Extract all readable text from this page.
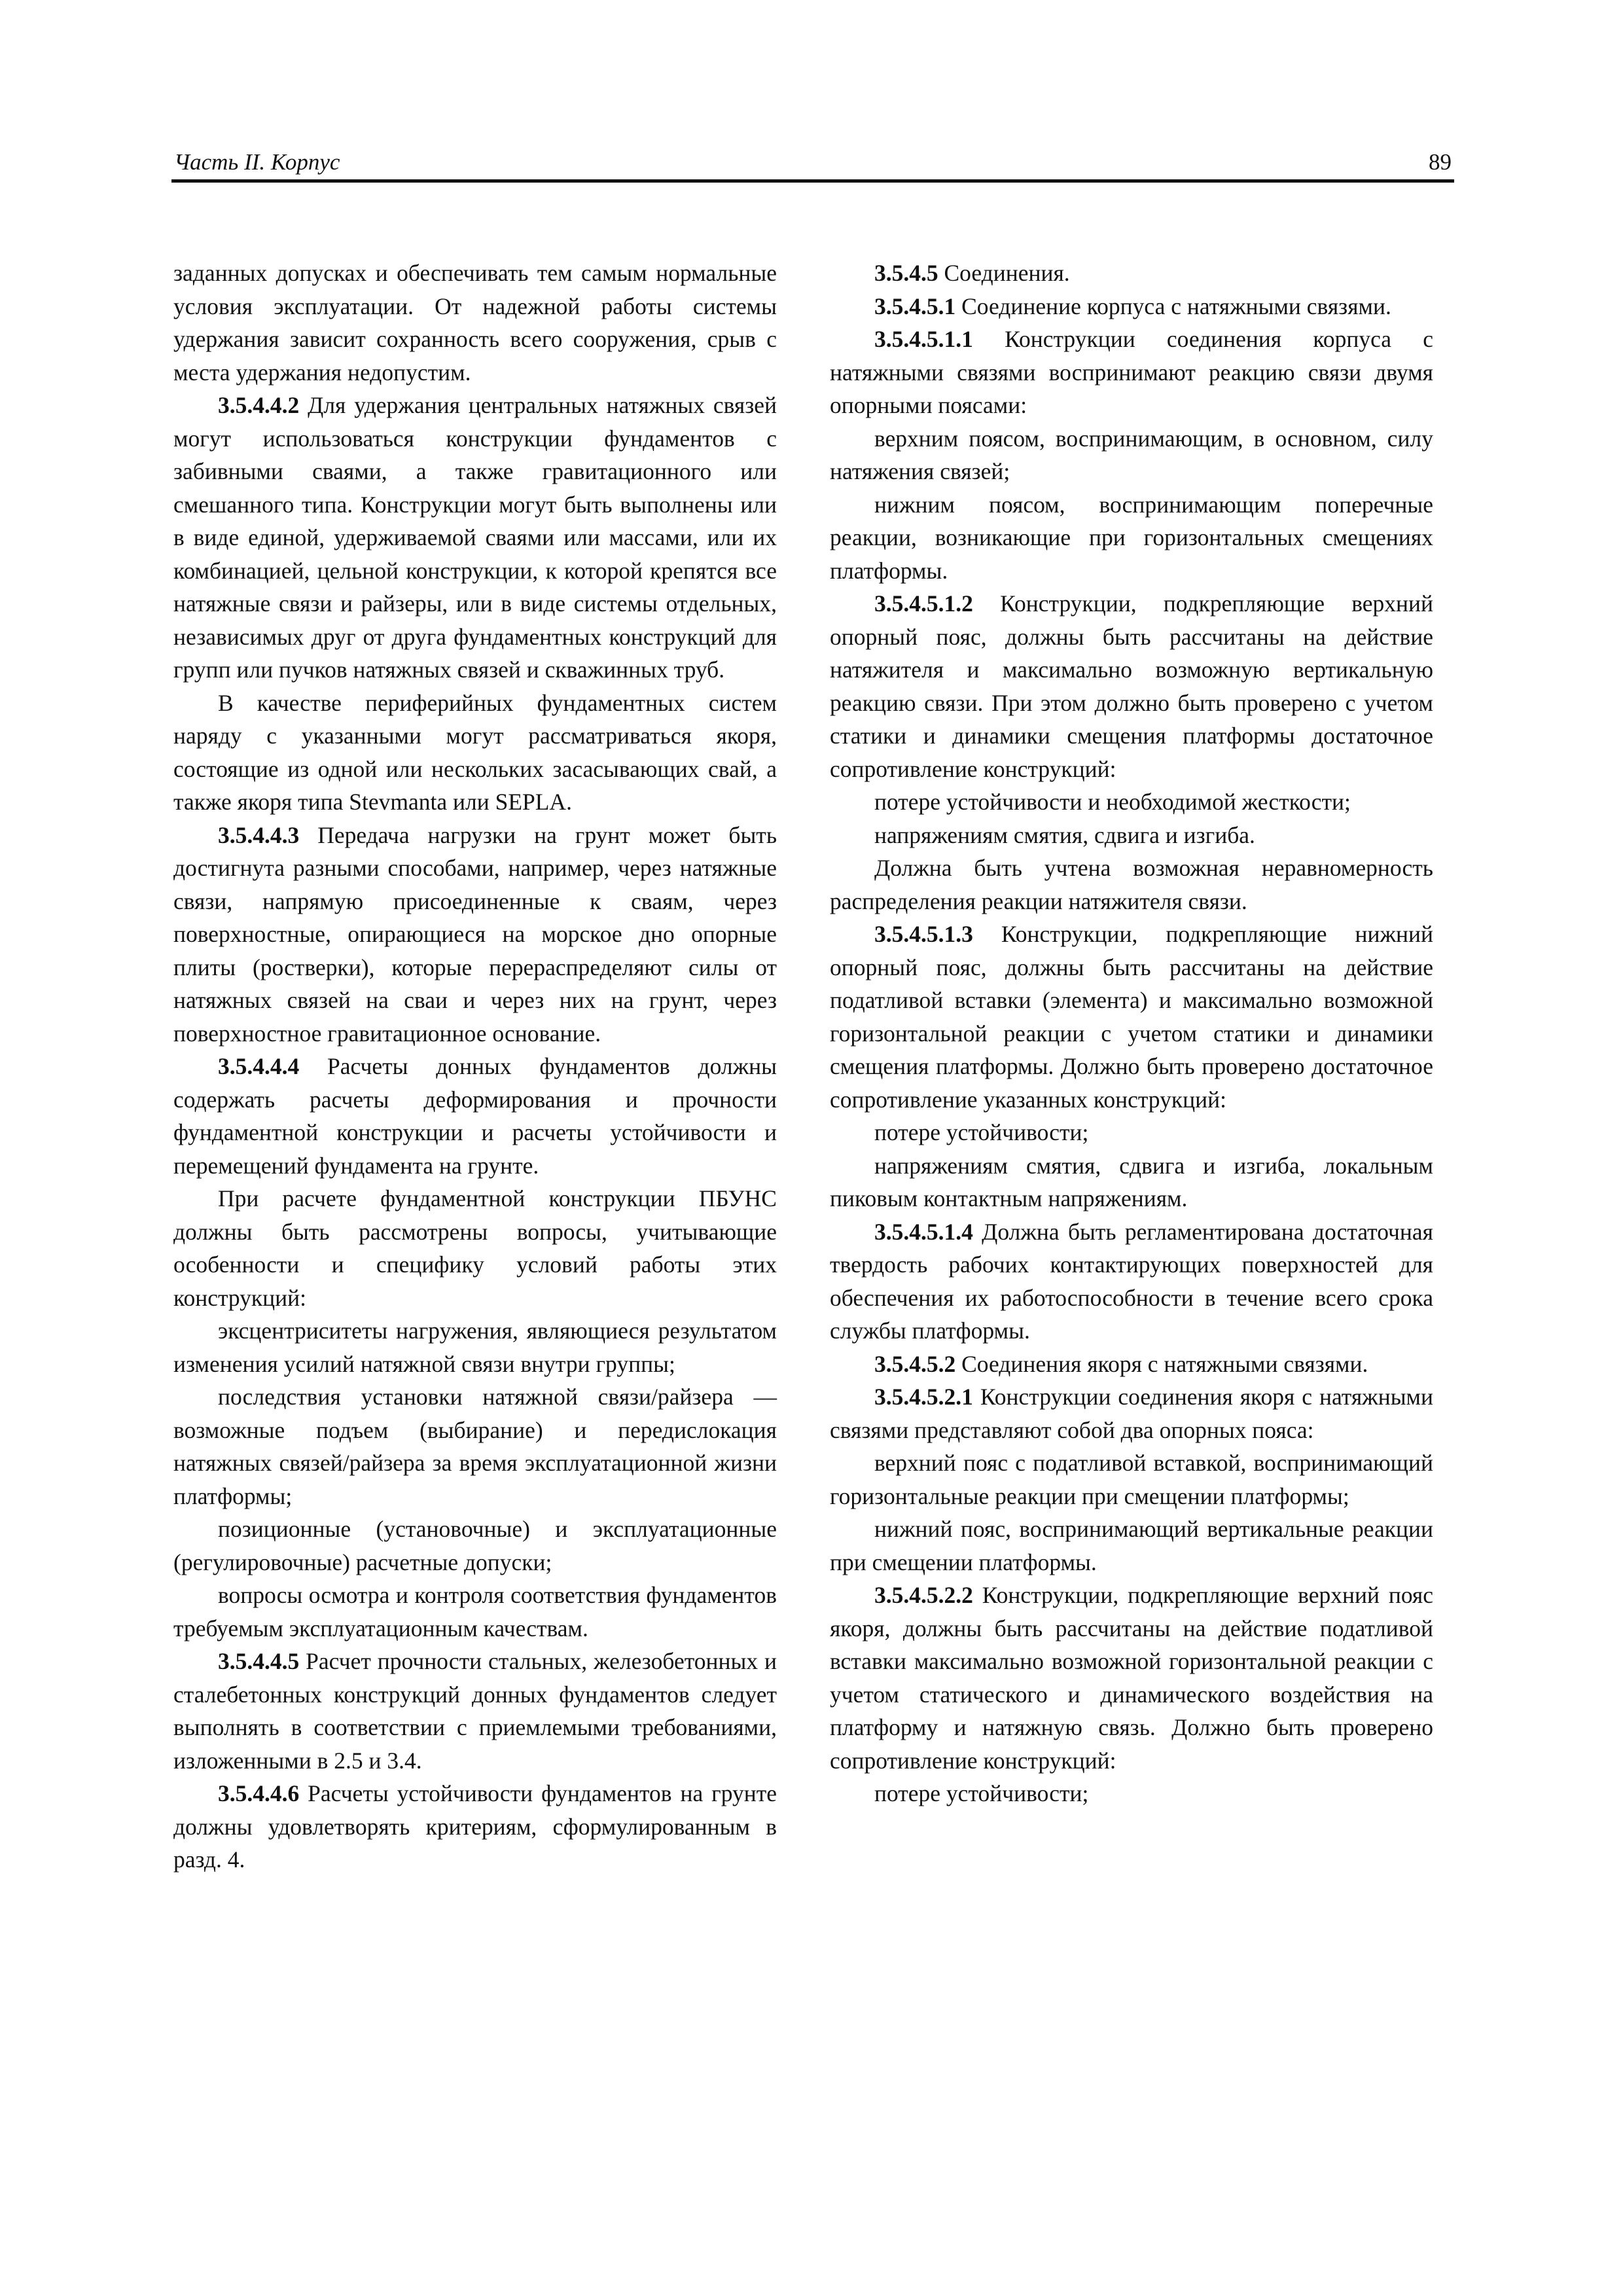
Часть II. Корпус	89

заданных допусках и обеспечивать тем самым нормальные условия эксплуатации. От надежной работы системы удержания зависит сохранность всего сооружения, срыв с места удержания недопустим.

3.5.4.4.2 Для удержания центральных натяжных связей могут использоваться конструкции фундаментов с забивными сваями, а также гравитационного или смешанного типа. Конструкции могут быть выполнены или в виде единой, удерживаемой сваями или массами, или их комбинацией, цельной конструкции, к которой крепятся все натяжные связи и райзеры, или в виде системы отдельных, независимых друг от друга фундаментных конструкций для групп или пучков натяжных связей и скважинных труб.

В качестве периферийных фундаментных систем наряду с указанными могут рассматриваться якоря, состоящие из одной или нескольких засасывающих свай, а также якоря типа Stevmanta или SEPLA.

3.5.4.4.3 Передача нагрузки на грунт может быть достигнута разными способами, например, через натяжные связи, напрямую присоединенные к сваям, через поверхностные, опирающиеся на морское дно опорные плиты (ростверки), которые перераспределяют силы от натяжных связей на сваи и через них на грунт, через поверхностное гравитационное основание.

3.5.4.4.4 Расчеты донных фундаментов должны содержать расчеты деформирования и прочности фундаментной конструкции и расчеты устойчивости и перемещений фундамента на грунте.

При расчете фундаментной конструкции ПБУНС должны быть рассмотрены вопросы, учитывающие особенности и специфику условий работы этих конструкций:

эксцентриситеты нагружения, являющиеся результатом изменения усилий натяжной связи внутри группы;

последствия установки натяжной связи/райзера — возможные подъем (выбирание) и передислокация натяжных связей/райзера за время эксплуатационной жизни платформы;

позиционные (установочные) и эксплуатационные (регулировочные) расчетные допуски;

вопросы осмотра и контроля соответствия фундаментов требуемым эксплуатационным качествам.

3.5.4.4.5 Расчет прочности стальных, железобетонных и сталебетонных конструкций донных фундаментов следует выполнять в соответствии с приемлемыми требованиями, изложенными в 2.5 и 3.4.

3.5.4.4.6 Расчеты устойчивости фундаментов на грунте должны удовлетворять критериям, сформулированным в разд. 4.

3.5.4.5 Соединения.

3.5.4.5.1 Соединение корпуса с натяжными связями.

3.5.4.5.1.1 Конструкции соединения корпуса с натяжными связями воспринимают реакцию связи двумя опорными поясами:

верхним поясом, воспринимающим, в основном, силу натяжения связей;

нижним поясом, воспринимающим поперечные реакции, возникающие при горизонтальных смещениях платформы.

3.5.4.5.1.2 Конструкции, подкрепляющие верхний опорный пояс, должны быть рассчитаны на действие натяжителя и максимально возможную вертикальную реакцию связи. При этом должно быть проверено с учетом статики и динамики смещения платформы достаточное сопротивление конструкций:

потере устойчивости и необходимой жесткости;

напряжениям смятия, сдвига и изгиба.

Должна быть учтена возможная неравномерность распределения реакции натяжителя связи.

3.5.4.5.1.3 Конструкции, подкрепляющие нижний опорный пояс, должны быть рассчитаны на действие податливой вставки (элемента) и максимально возможной горизонтальной реакции с учетом статики и динамики смещения платформы. Должно быть проверено достаточное сопротивление указанных конструкций:

потере устойчивости;

напряжениям смятия, сдвига и изгиба, локальным пиковым контактным напряжениям.

3.5.4.5.1.4 Должна быть регламентирована достаточная твердость рабочих контактирующих поверхностей для обеспечения их работоспособности в течение всего срока службы платформы.

3.5.4.5.2 Соединения якоря с натяжными связями.

3.5.4.5.2.1 Конструкции соединения якоря с натяжными связями представляют собой два опорных пояса:

верхний пояс с податливой вставкой, воспринимающий горизонтальные реакции при смещении платформы;

нижний пояс, воспринимающий вертикальные реакции при смещении платформы.

3.5.4.5.2.2 Конструкции, подкрепляющие верхний пояс якоря, должны быть рассчитаны на действие податливой вставки максимально возможной горизонтальной реакции с учетом статического и динамического воздействия на платформу и натяжную связь. Должно быть проверено сопротивление конструкций:

потере устойчивости;
